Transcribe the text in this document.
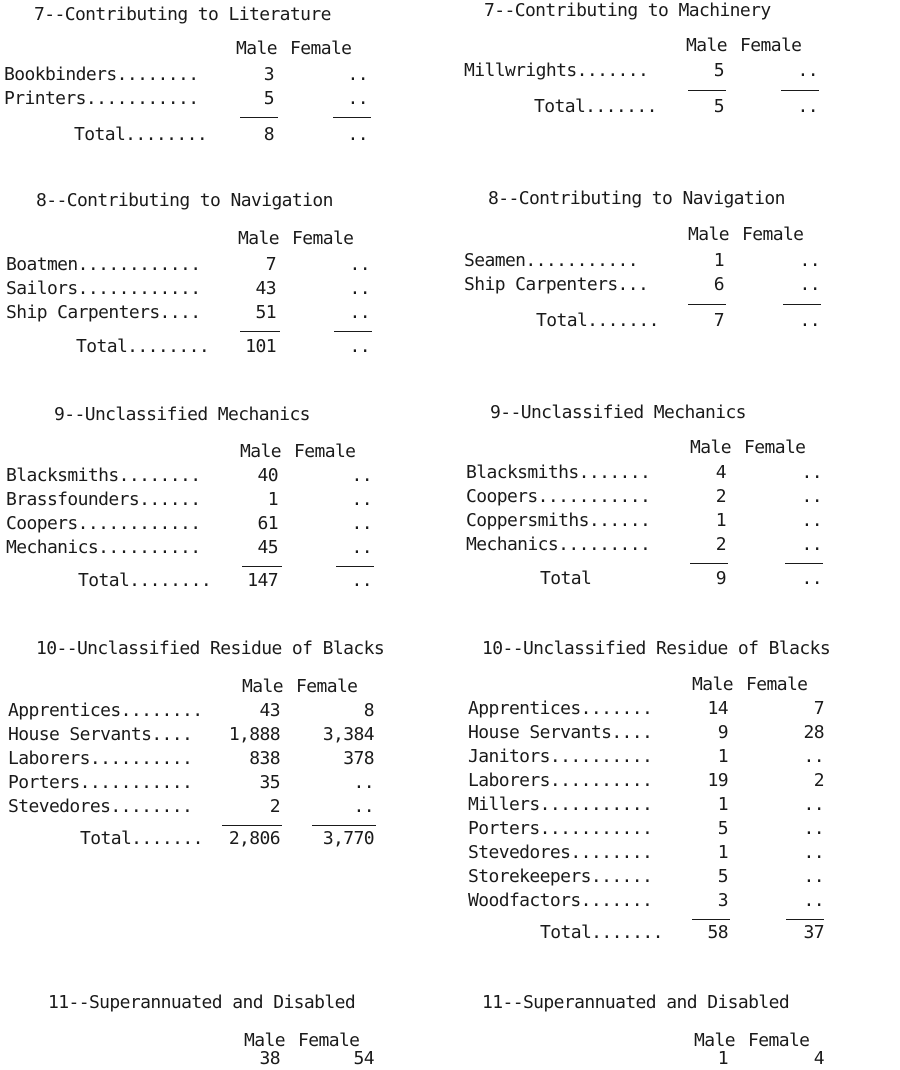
7--Contributing to Literature
Male Female
Bookbinders........	3	..
Printers...........	5	..
Total........	8	..
8--Contributing to Navigation
Male Female
Boatmen............	7	..
Sailors............	43	..
Ship Carpenters....	51	..
Total........	101	..
9--Unclassified Mechanics
Male Female
Blacksmiths........	40	..
Brassfounders......	1	..
Coopers............	61	..
Mechanics..........	45	..
Total........	147	..
10--Unclassified Residue of Blacks
Male Female
Apprentices........	43	8
House Servants....	1,888	3,384
Laborers..........	838	378
Porters...........	35	..
Stevedores........	2	..
Total.......	2,806	3,770
11--Superannuated and Disabled
Male Female
38	54
7--Contributing to Machinery
Male Female
Millwrights.......	5	..
Total.......	5	..
8--Contributing to Navigation
Male Female
Seamen...........	1	..
Ship Carpenters...	6	..
Total.......	7	..
9--Unclassified Mechanics
Male Female
Blacksmiths.......	4	..
Coopers...........	2	..
Coppersmiths......	1	..
Mechanics.........	2	..
Total	9	..
10--Unclassified Residue of Blacks
Male Female
Apprentices.......	14	7
House Servants....	9	28
Janitors..........	1	..
Laborers..........	19	2
Millers...........	1	..
Porters...........	5	..
Stevedores........	1	..
Storekeepers......	5	..
Woodfactors.......	3	..
Total.......	58	37
11--Superannuated and Disabled
Male Female
1	4
